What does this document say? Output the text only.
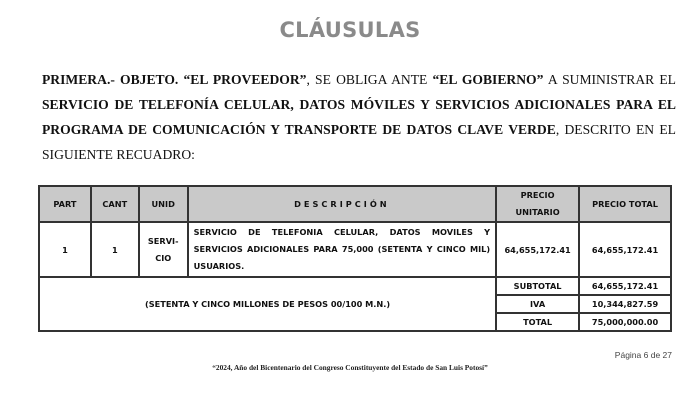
CLÁUSULAS
PRIMERA.- OBJETO. “EL PROVEEDOR”, SE OBLIGA ANTE “EL GOBIERNO” A SUMINISTRAR EL SERVICIO DE TELEFONÍA CELULAR, DATOS MÓVILES Y SERVICIOS ADICIONALES PARA EL PROGRAMA DE COMUNICACIÓN Y TRANSPORTE DE DATOS CLAVE VERDE, DESCRITO EN EL SIGUIENTE RECUADRO:
PART	CANT	UNID	DESCRIPCIÓN	PRECIO UNITARIO	PRECIO TOTAL
1	1	SERVI- CIO	SERVICIO DE TELEFONIA CELULAR, DATOS MOVILES Y SERVICIOS ADICIONALES PARA 75,000 (SETENTA Y CINCO MIL) USUARIOS.	64,655,172.41	64,655,172.41
(SETENTA Y CINCO MILLONES DE PESOS 00/100 M.N.)				SUBTOTAL	64,655,172.41
				IVA	10,344,827.59
				TOTAL	75,000,000.00
Página 6 de 27
“2024, Año del Bicentenario del Congreso Constituyente del Estado de San Luis Potosí”
